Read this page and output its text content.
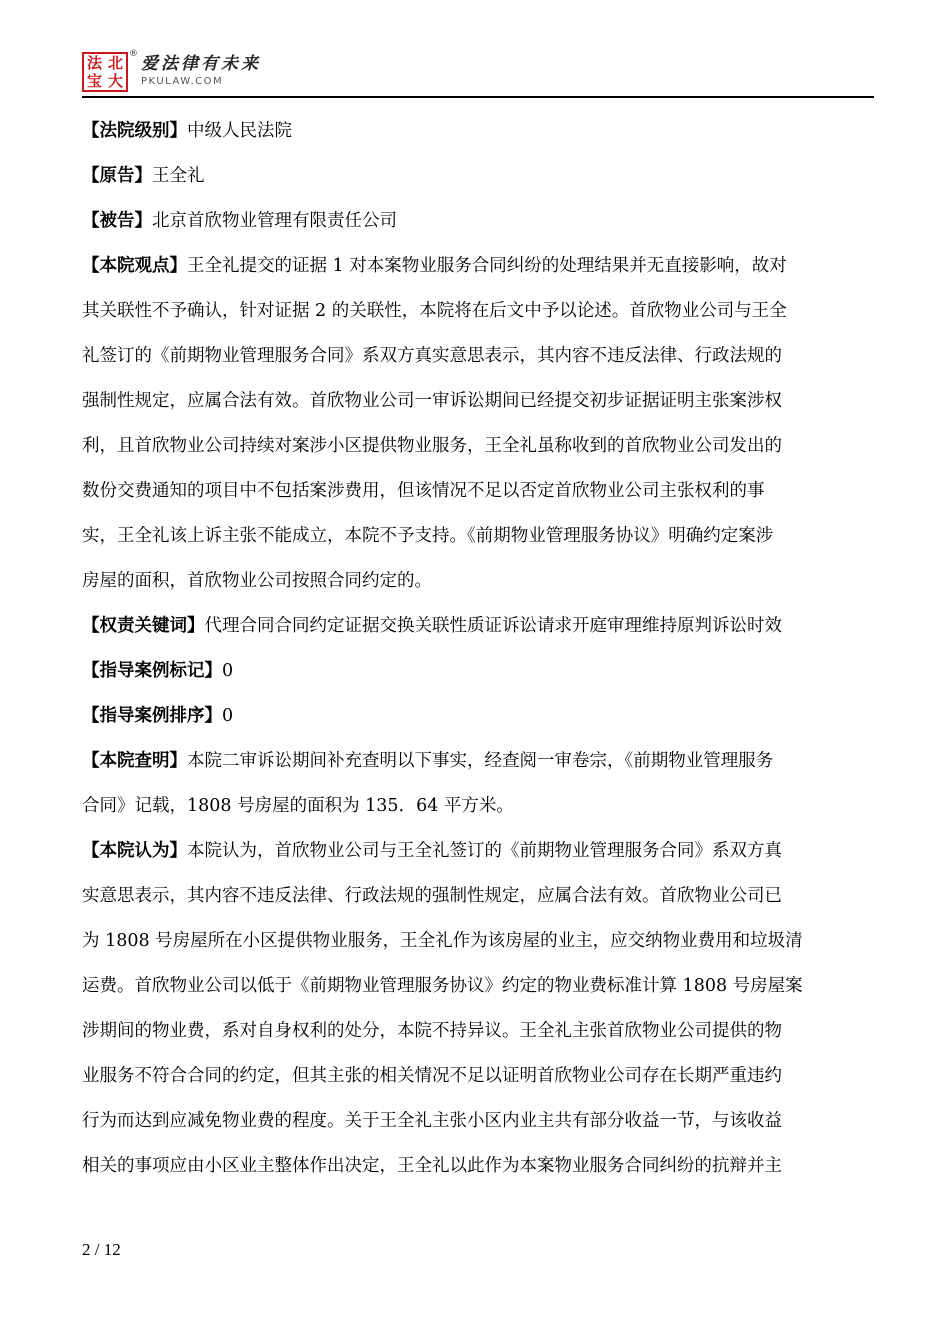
法 北
宝 大
® 爱法律有未来
PKULAW.COM
【法院级别】中级人民法院
【原告】王全礼
【被告】北京首欣物业管理有限责任公司
【本院观点】王全礼提交的证据 1 对本案物业服务合同纠纷的处理结果并无直接影响，故对
其关联性不予确认，针对证据 2 的关联性，本院将在后文中予以论述。首欣物业公司与王全
礼签订的《前期物业管理服务合同》系双方真实意思表示，其内容不违反法律、行政法规的
强制性规定，应属合法有效。首欣物业公司一审诉讼期间已经提交初步证据证明主张案涉权
利，且首欣物业公司持续对案涉小区提供物业服务，王全礼虽称收到的首欣物业公司发出的
数份交费通知的项目中不包括案涉费用，但该情况不足以否定首欣物业公司主张权利的事
实，王全礼该上诉主张不能成立，本院不予支持。《前期物业管理服务协议》明确约定案涉
房屋的面积，首欣物业公司按照合同约定的。
【权责关键词】代理合同合同约定证据交换关联性质证诉讼请求开庭审理维持原判诉讼时效
【指导案例标记】0
【指导案例排序】0
【本院查明】本院二审诉讼期间补充查明以下事实，经查阅一审卷宗，《前期物业管理服务
合同》记载，1808 号房屋的面积为 135．64 平方米。
【本院认为】本院认为，首欣物业公司与王全礼签订的《前期物业管理服务合同》系双方真
实意思表示，其内容不违反法律、行政法规的强制性规定，应属合法有效。首欣物业公司已
为 1808 号房屋所在小区提供物业服务，王全礼作为该房屋的业主，应交纳物业费用和垃圾清
运费。首欣物业公司以低于《前期物业管理服务协议》约定的物业费标准计算 1808 号房屋案
涉期间的物业费，系对自身权利的处分，本院不持异议。王全礼主张首欣物业公司提供的物
业服务不符合合同的约定，但其主张的相关情况不足以证明首欣物业公司存在长期严重违约
行为而达到应减免物业费的程度。关于王全礼主张小区内业主共有部分收益一节，与该收益
相关的事项应由小区业主整体作出决定，王全礼以此作为本案物业服务合同纠纷的抗辩并主
2 / 12
